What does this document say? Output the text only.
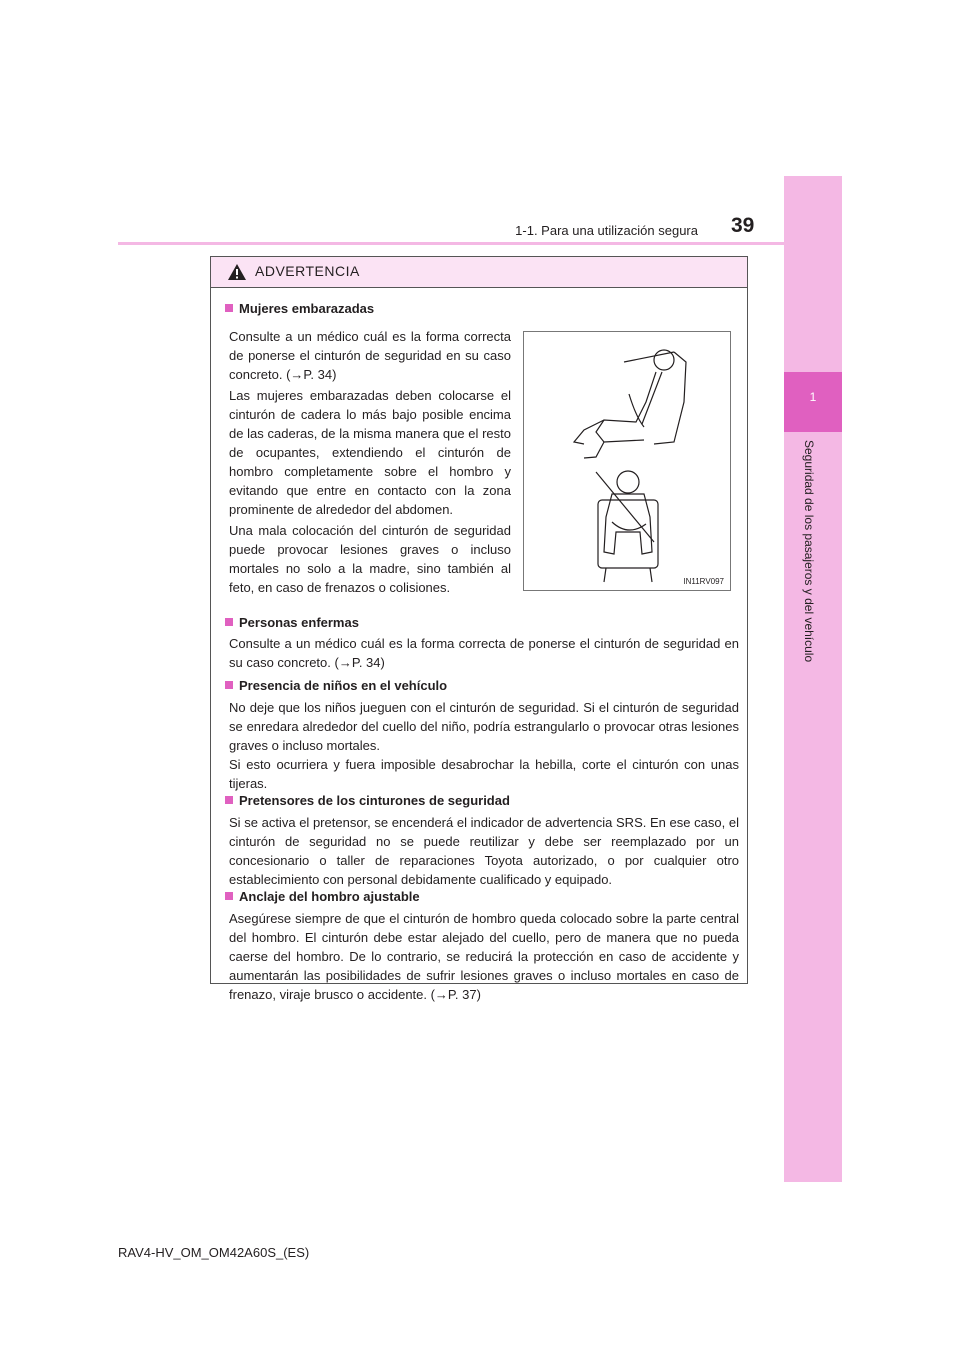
1
Seguridad de los pasajeros y del vehículo
1-1. Para una utilización segura 39
ADVERTENCIA
Mujeres embarazadas
Consulte a un médico cuál es la forma correcta de ponerse el cinturón de seguridad en su caso concreto. (→P. 34)
Las mujeres embarazadas deben colocarse el cinturón de cadera lo más bajo posible encima de las caderas, de la misma manera que el resto de ocupantes, extendiendo el cinturón de hombro completamente sobre el hombro y evitando que entre en contacto con la zona prominente de alrededor del abdomen.
Una mala colocación del cinturón de seguridad puede provocar lesiones graves o incluso mortales no solo a la madre, sino también al feto, en caso de frenazos o colisiones.	IN11RV097
Personas enfermas
Consulte a un médico cuál es la forma correcta de ponerse el cinturón de seguridad en su caso concreto. (→P. 34)
Presencia de niños en el vehículo
No deje que los niños jueguen con el cinturón de seguridad. Si el cinturón de seguridad se enredara alrededor del cuello del niño, podría estrangularlo o provocar otras lesiones graves o incluso mortales.
Si esto ocurriera y fuera imposible desabrochar la hebilla, corte el cinturón con unas tijeras.
Pretensores de los cinturones de seguridad
Si se activa el pretensor, se encenderá el indicador de advertencia SRS. En ese caso, el cinturón de seguridad no se puede reutilizar y debe ser reemplazado por un concesionario o taller de reparaciones Toyota autorizado, o por cualquier otro establecimiento con personal debidamente cualificado y equipado.
Anclaje del hombro ajustable
Asegúrese siempre de que el cinturón de hombro queda colocado sobre la parte central del hombro. El cinturón debe estar alejado del cuello, pero de manera que no pueda caerse del hombro. De lo contrario, se reducirá la protección en caso de accidente y aumentarán las posibilidades de sufrir lesiones graves o incluso mortales en caso de frenazo, viraje brusco o accidente. (→P. 37)
RAV4-HV_OM_OM42A60S_(ES)
